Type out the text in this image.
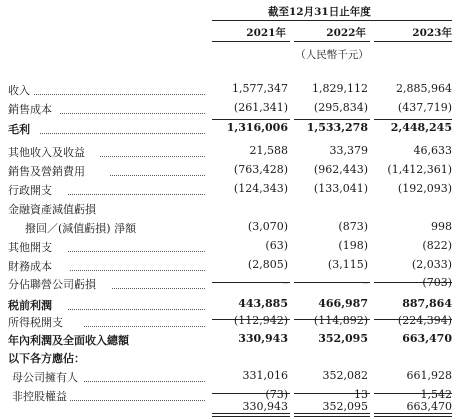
截至12月31日止年度
2021年	2022年	2023年
（人民幣千元）
收入	1,577,347	1,829,112	2,885,964
銷售成本	(261,341)	(295,834)	(437,719)
毛利	1,316,006	1,533,278	2,448,245
其他收入及收益	21,588	33,379	46,633
銷售及營銷費用	(763,428)	(962,443)	(1,412,361)
行政開支	(124,343)	(133,041)	(192,093)
金融資產減值虧損
撥回／(減值虧損) 淨額	(3,070)	(873)	998
其他開支	(63)	(198)	(822)
財務成本	(2,805)	(3,115)	(2,033)
分佔聯營公司虧損	–	–	(703)
税前利潤	443,885	466,987	887,864
所得税開支	(112,942)	(114,892)	(224,394)
年內利潤及全面收入總額	330,943	352,095	663,470
以下各方應佔：
母公司擁有人	331,016	352,082	661,928
非控股權益	(73)	13	1,542
330,943	352,095	663,470
